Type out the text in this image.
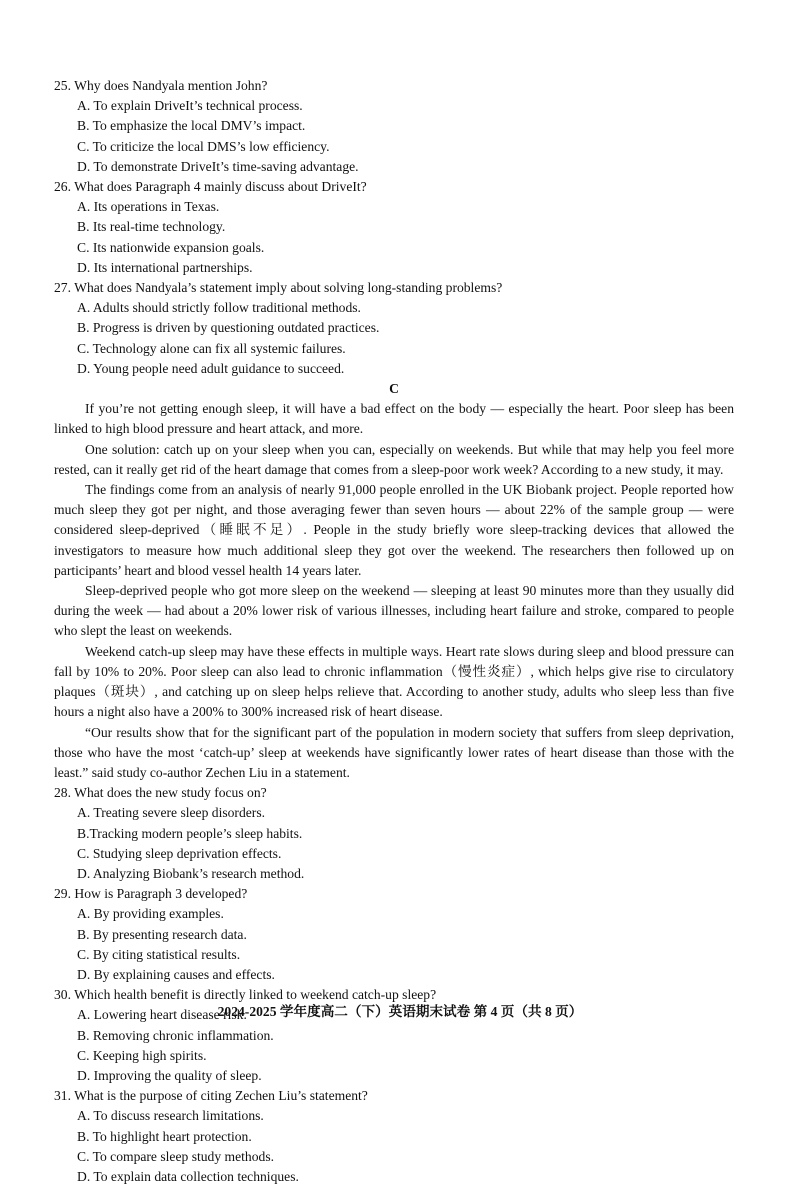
25. Why does Nandyala mention John?
A. To explain DriveIt’s technical process.
B. To emphasize the local DMV’s impact.
C. To criticize the local DMS’s low efficiency.
D. To demonstrate DriveIt’s time-saving advantage.
26. What does Paragraph 4 mainly discuss about DriveIt?
A. Its operations in Texas.
B. Its real-time technology.
C. Its nationwide expansion goals.
D. Its international partnerships.
27. What does Nandyala’s statement imply about solving long-standing problems?
A. Adults should strictly follow traditional methods.
B. Progress is driven by questioning outdated practices.
C. Technology alone can fix all systemic failures.
D. Young people need adult guidance to succeed.
C

If you’re not getting enough sleep, it will have a bad effect on the body — especially the heart. Poor sleep has been linked to high blood pressure and heart attack, and more.

One solution: catch up on your sleep when you can, especially on weekends. But while that may help you feel more rested, can it really get rid of the heart damage that comes from a sleep-poor work week? According to a new study, it may.

The findings come from an analysis of nearly 91,000 people enrolled in the UK Biobank project. People reported how much sleep they got per night, and those averaging fewer than seven hours — about 22% of the sample group — were considered sleep-deprived（睡眠不足）. People in the study briefly wore sleep-tracking devices that allowed the investigators to measure how much additional sleep they got over the weekend. The researchers then followed up on participants’ heart and blood vessel health 14 years later.

Sleep-deprived people who got more sleep on the weekend — sleeping at least 90 minutes more than they usually did during the week — had about a 20% lower risk of various illnesses, including heart failure and stroke, compared to people who slept the least on weekends.

Weekend catch-up sleep may have these effects in multiple ways. Heart rate slows during sleep and blood pressure can fall by 10% to 20%. Poor sleep can also lead to chronic inflammation（慢性炎症）, which helps give rise to circulatory plaques（斑块）, and catching up on sleep helps relieve that. According to another study, adults who sleep less than five hours a night also have a 200% to 300% increased risk of heart disease.

“Our results show that for the significant part of the population in modern society that suffers from sleep deprivation, those who have the most ‘catch-up’ sleep at weekends have significantly lower rates of heart disease than those with the least.” said study co-author Zechen Liu in a statement.

28. What does the new study focus on?
A. Treating severe sleep disorders.
B.Tracking modern people’s sleep habits.
C. Studying sleep deprivation effects.
D. Analyzing Biobank’s research method.
29. How is Paragraph 3 developed?
A. By providing examples.
B. By presenting research data.
C. By citing statistical results.
D. By explaining causes and effects.
30. Which health benefit is directly linked to weekend catch-up sleep?
A. Lowering heart disease risk.
B. Removing chronic inflammation.
C. Keeping high spirits.
D. Improving the quality of sleep.
31. What is the purpose of citing Zechen Liu’s statement?
A. To discuss research limitations.
B. To highlight heart protection.
C. To compare sleep study methods.
D. To explain data collection techniques.
2024-2025 学年度高二（下）英语期末试卷 第 4 页（共 8 页）
